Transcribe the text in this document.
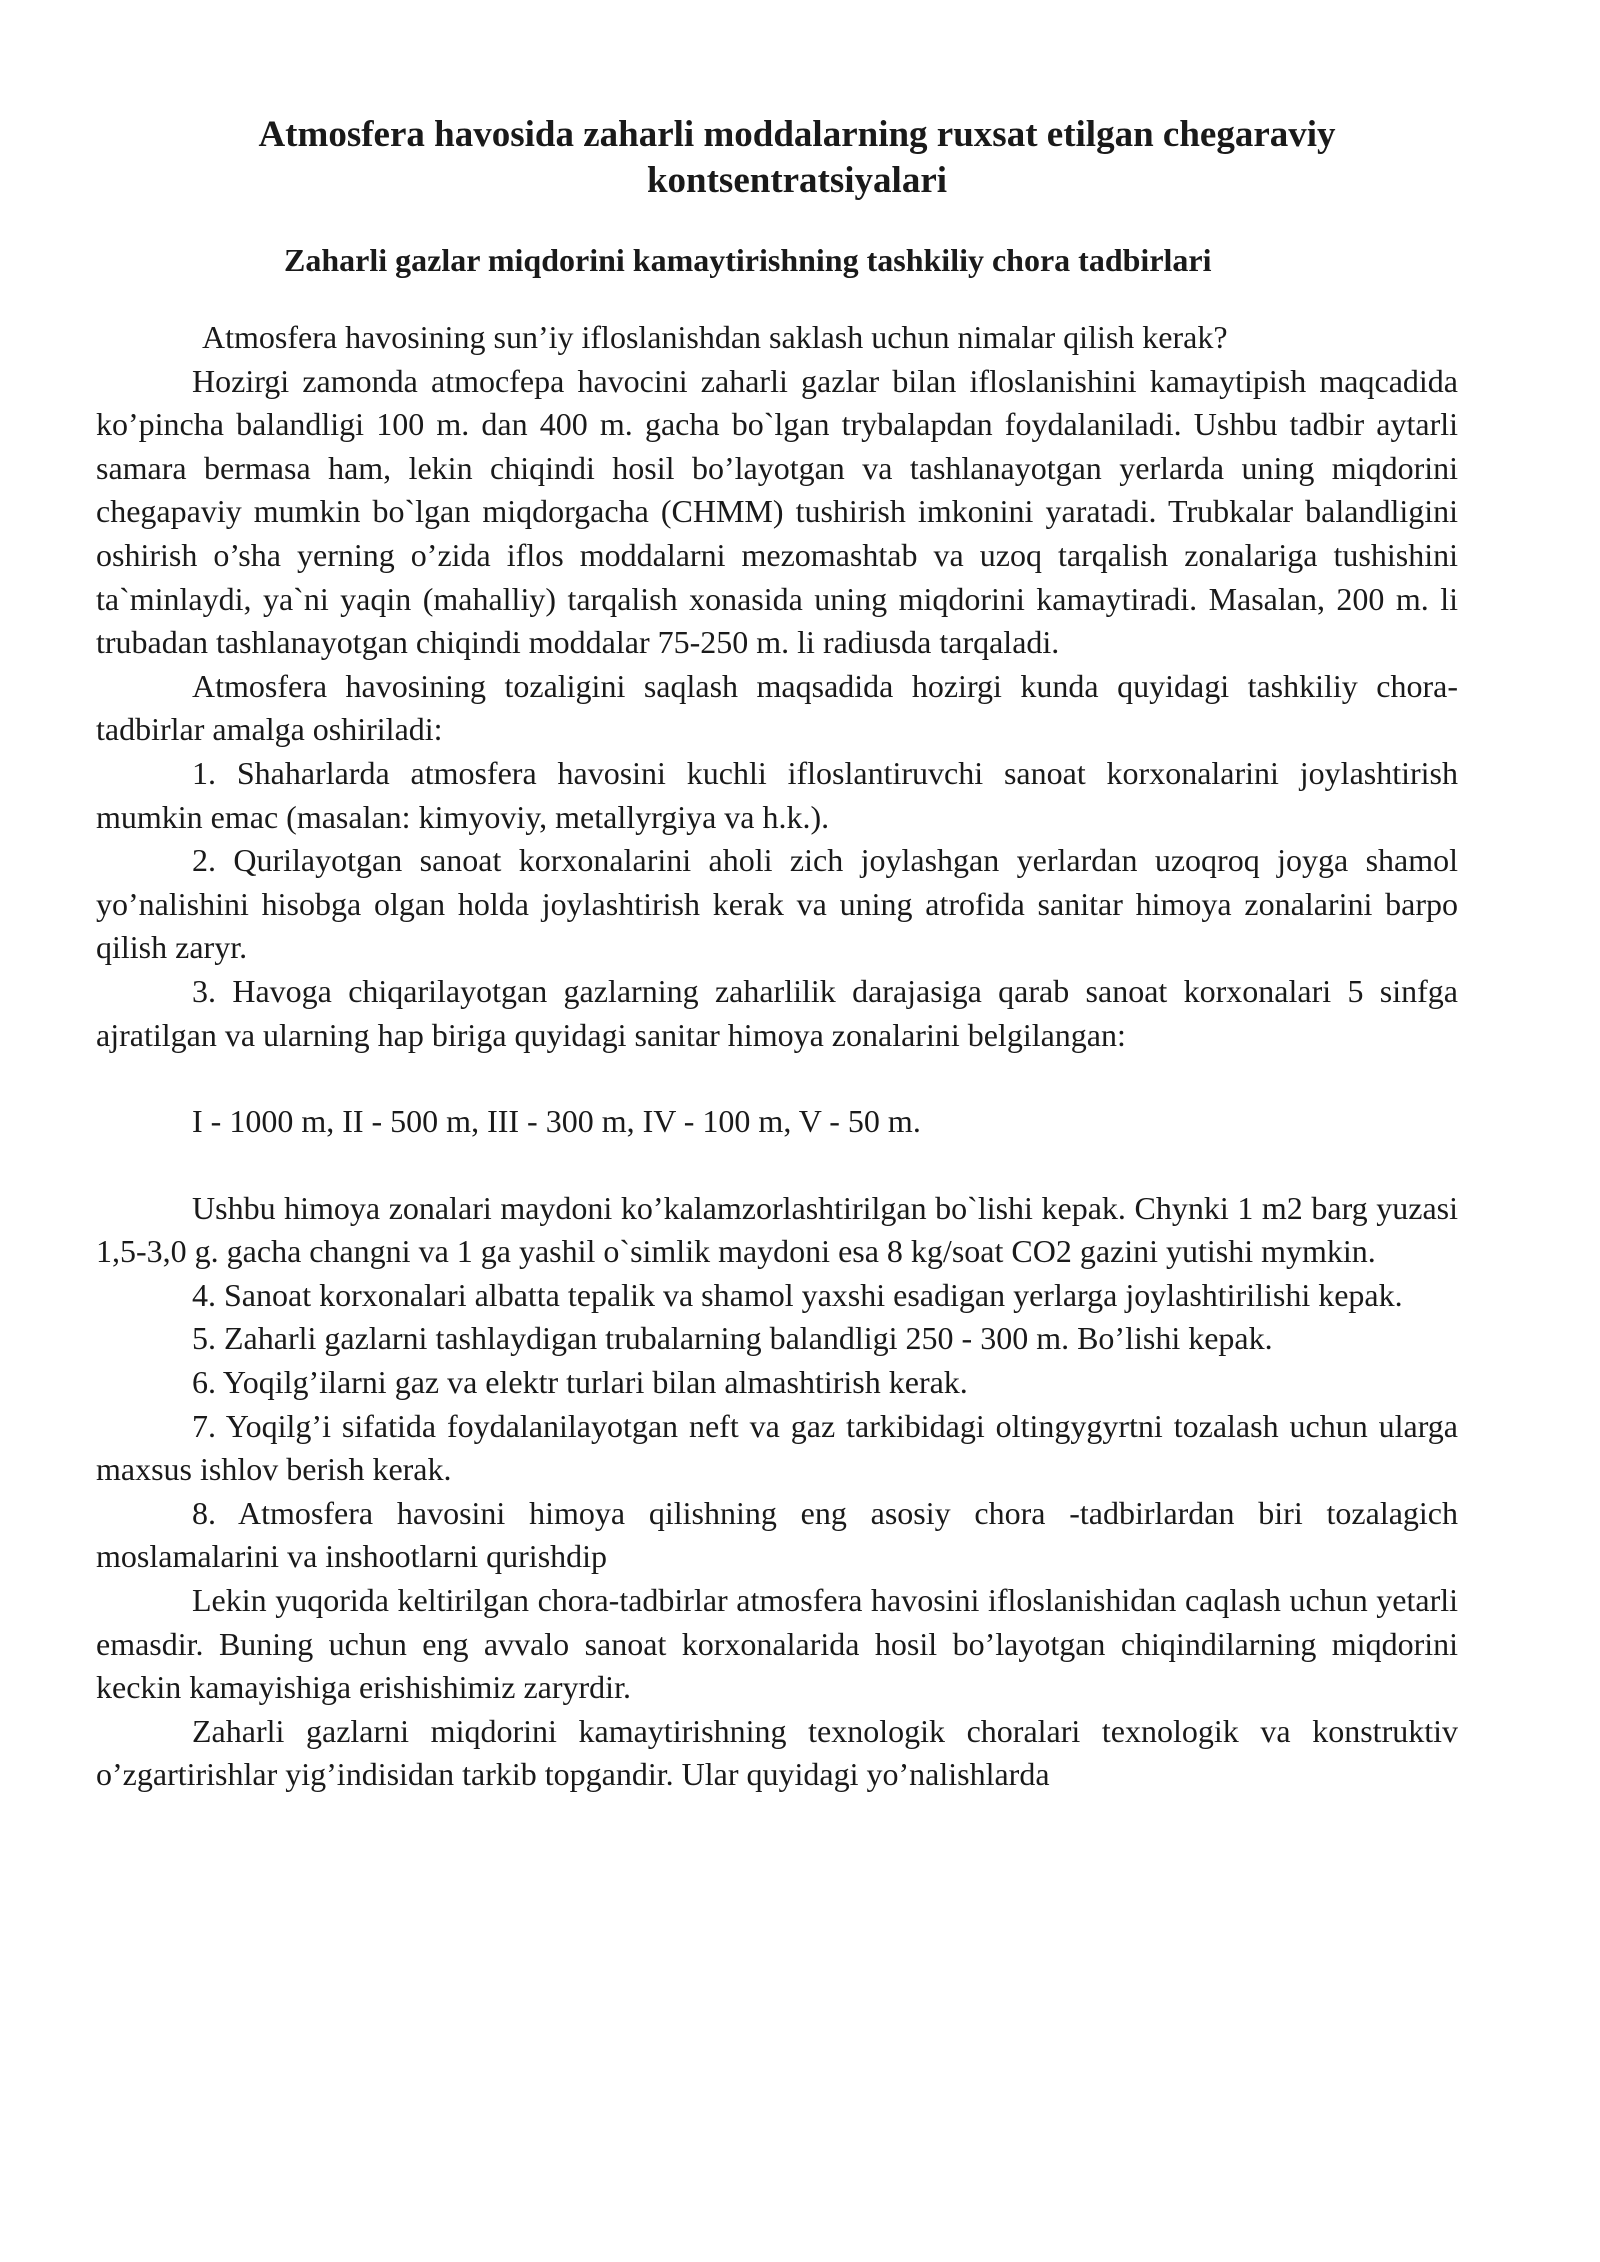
Atmosfera havosida zaharli moddalarning ruxsat etilgan chegaraviy kontsentratsiyalari
Zaharli gazlar miqdorini kamaytirishning tashkiliy chora tadbirlari

Atmosfera havosining sun’iy ifloslanishdan saklash uchun nimalar qilish kerak?

Hozirgi zamonda atmocfepa havocini zaharli gazlar bilan ifloslanishini kamaytipish maqcadida ko’pincha balandligi 100 m. dan 400 m. gacha bo`lgan trybalapdan foydalaniladi. Ushbu tadbir aytarli samara bermasa ham, lekin chiqindi hosil bo’layotgan va tashlanayotgan yerlarda uning miqdorini chegapaviy mumkin bo`lgan miqdorgacha (CHMM) tushirish imkonini yaratadi. Trubkalar balandligini oshirish o’sha yerning o’zida iflos moddalarni mezomashtab va uzoq tarqalish zonalariga tushishini ta`minlaydi, ya`ni yaqin (mahalliy) tarqalish xonasida uning miqdorini kamaytiradi. Masalan, 200 m. li trubadan tashlanayotgan chiqindi moddalar 75-250 m. li radiusda tarqaladi.

Atmosfera havosining tozaligini saqlash maqsadida hozirgi kunda quyidagi tashkiliy chora-tadbirlar amalga oshiriladi:

1. Shaharlarda atmosfera havosini kuchli ifloslantiruvchi sanoat korxonalarini joylashtirish mumkin emac (masalan: kimyoviy, metallyrgiya va h.k.).

2. Qurilayotgan sanoat korxonalarini aholi zich joylashgan yerlardan uzoqroq joyga shamol yo’nalishini hisobga olgan holda joylashtirish kerak va uning atrofida sanitar himoya zonalarini barpo qilish zaryr.

3. Havoga chiqarilayotgan gazlarning zaharlilik darajasiga qarab sanoat korxonalari 5 sinfga ajratilgan va ularning hap biriga quyidagi sanitar himoya zonalarini belgilangan:

I - 1000 m, II - 500 m, III - 300 m, IV - 100 m, V - 50 m.

Ushbu himoya zonalari maydoni ko’kalamzorlashtirilgan bo`lishi kepak. Chynki 1 m2 barg yuzasi 1,5-3,0 g. gacha changni va 1 ga yashil o`simlik maydoni esa 8 kg/soat CO2 gazini yutishi mymkin.

4. Sanoat korxonalari albatta tepalik va shamol yaxshi esadigan yerlarga joylashtirilishi kepak.

5. Zaharli gazlarni tashlaydigan trubalarning balandligi 250 - 300 m. Bo’lishi kepak.

6. Yoqilg’ilarni gaz va elektr turlari bilan almashtirish kerak.

7. Yoqilg’i sifatida foydalanilayotgan neft va gaz tarkibidagi oltingygyrtni tozalash uchun ularga maxsus ishlov berish kerak.

8. Atmosfera havosini himoya qilishning eng asosiy chora -tadbirlardan biri tozalagich moslamalarini va inshootlarni qurishdip

Lekin yuqorida keltirilgan chora-tadbirlar atmosfera havosini ifloslanishidan caqlash uchun yetarli emasdir. Buning uchun eng avvalo sanoat korxonalarida hosil bo’layotgan chiqindilarning miqdorini keckin kamayishiga erishishimiz zaryrdir.

Zaharli gazlarni miqdorini kamaytirishning texnologik choralari texnologik va konstruktiv o’zgartirishlar yig’indisidan tarkib topgandir. Ular quyidagi yo’nalishlarda
